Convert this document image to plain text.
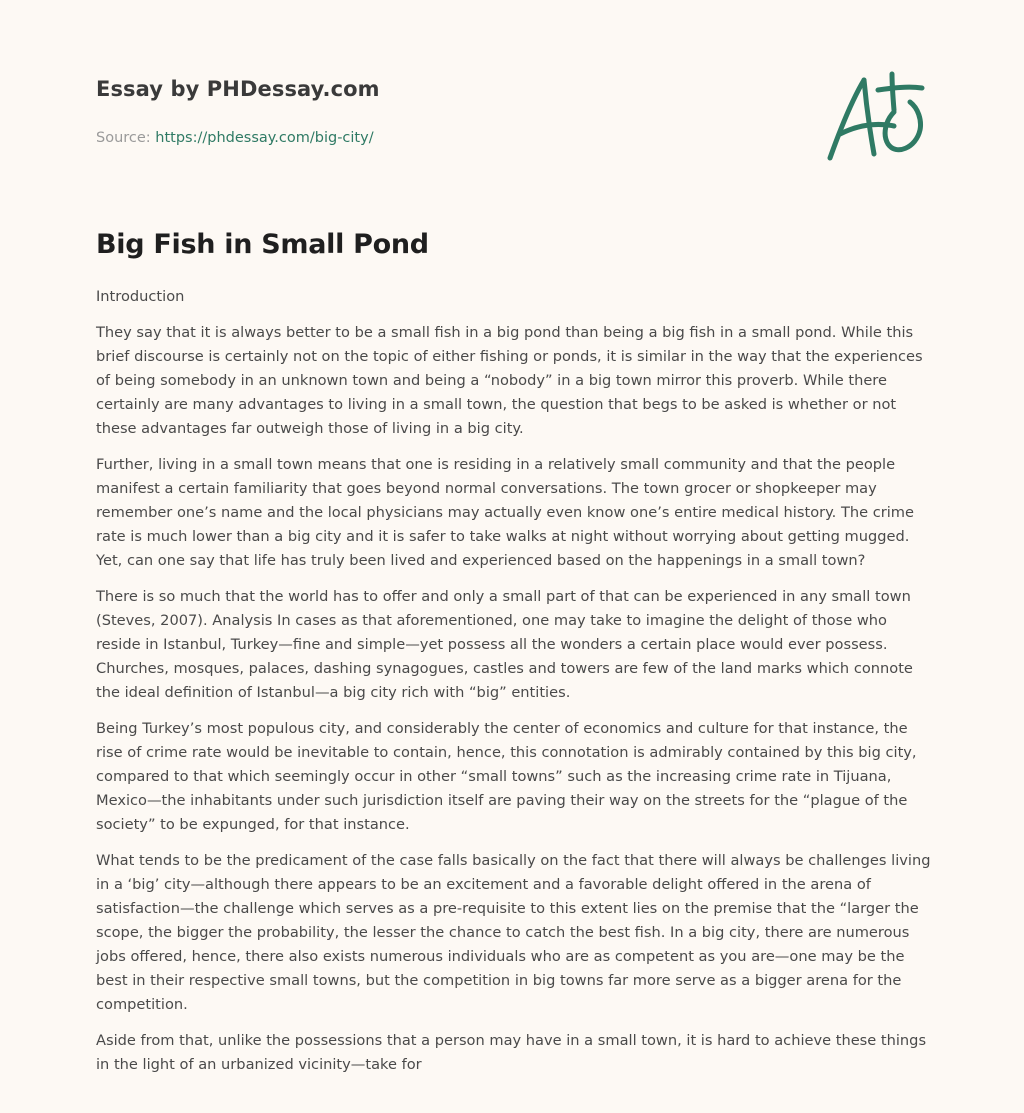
Essay by PHDessay.com
Source: https://phdessay.com/big-city/
Big Fish in Small Pond

Introduction

They say that it is always better to be a small fish in a big pond than being a big fish in a small pond. While this brief discourse is certainly not on the topic of either fishing or ponds, it is similar in the way that the experiences of being somebody in an unknown town and being a “nobody” in a big town mirror this proverb. While there certainly are many advantages to living in a small town, the question that begs to be asked is whether or not these advantages far outweigh those of living in a big city.

Further, living in a small town means that one is residing in a relatively small community and that the people manifest a certain familiarity that goes beyond normal conversations. The town grocer or shopkeeper may remember one’s name and the local physicians may actually even know one’s entire medical history. The crime rate is much lower than a big city and it is safer to take walks at night without worrying about getting mugged. Yet, can one say that life has truly been lived and experienced based on the happenings in a small town?

There is so much that the world has to offer and only a small part of that can be experienced in any small town (Steves, 2007). Analysis In cases as that aforementioned, one may take to imagine the delight of those who reside in Istanbul, Turkey—fine and simple—yet possess all the wonders a certain place would ever possess. Churches, mosques, palaces, dashing synagogues, castles and towers are few of the land marks which connote the ideal definition of Istanbul—a big city rich with “big” entities.

Being Turkey’s most populous city, and considerably the center of economics and culture for that instance, the rise of crime rate would be inevitable to contain, hence, this connotation is admirably contained by this big city, compared to that which seemingly occur in other “small towns” such as the increasing crime rate in Tijuana, Mexico—the inhabitants under such jurisdiction itself are paving their way on the streets for the “plague of the society” to be expunged, for that instance.

What tends to be the predicament of the case falls basically on the fact that there will always be challenges living in a ‘big’ city—although there appears to be an excitement and a favorable delight offered in the arena of satisfaction—the challenge which serves as a pre-requisite to this extent lies on the premise that the “larger the scope, the bigger the probability, the lesser the chance to catch the best fish. In a big city, there are numerous jobs offered, hence, there also exists numerous individuals who are as competent as you are—one may be the best in their respective small towns, but the competition in big towns far more serve as a bigger arena for the competition.

Aside from that, unlike the possessions that a person may have in a small town, it is hard to achieve these things in the light of an urbanized vicinity—take for
